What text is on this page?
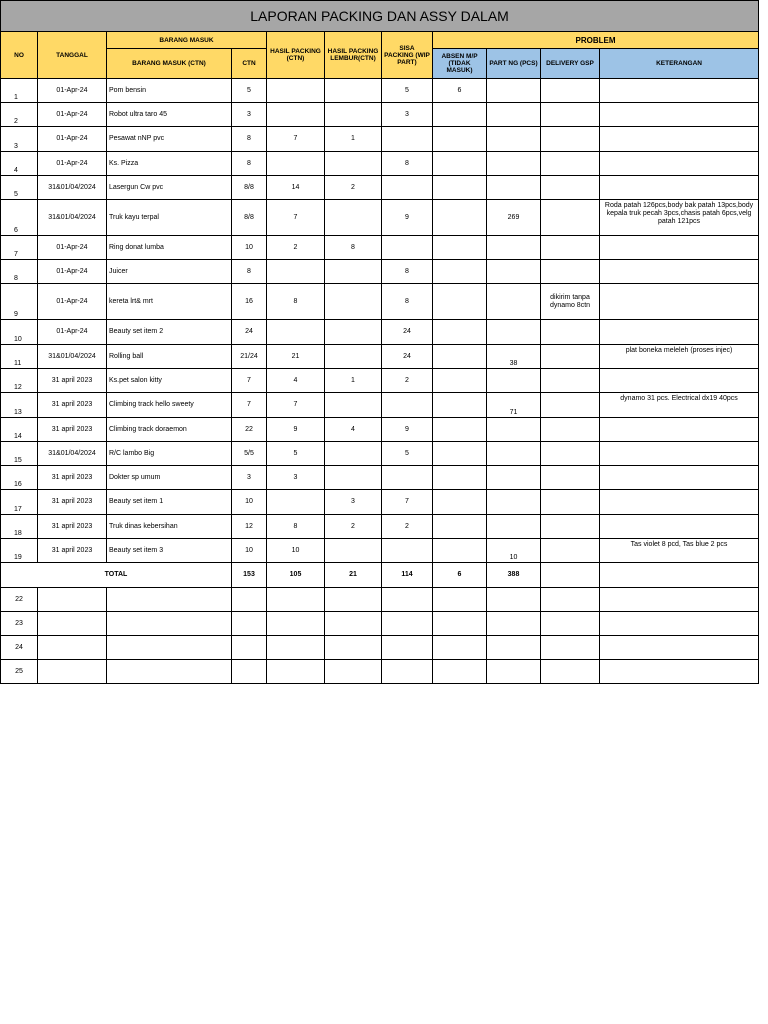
LAPORAN PACKING DAN ASSY DALAM										
NO	TANGGAL	BARANG MASUK		HASIL PACKING (CTN)	HASIL PACKING LEMBUR(CTN)	SISA PACKING (WIP PART)	PROBLEM			
		BARANG MASUK (CTN)	CTN				ABSEN M/P (TIDAK MASUK)	PART NG (PCS)	DELIVERY GSP	KETERANGAN
1	01-Apr-24	Pom bensin	5			5	6			
2	01-Apr-24	Robot ultra taro 45	3			3				
3	01-Apr-24	Pesawat nNP pvc	8	7	1					
4	01-Apr-24	Ks. Pizza	8			8				
5	31&01/04/2024	Lasergun Cw pvc	8/8	14	2					
6	31&01/04/2024	Truk kayu terpal	8/8	7		9		269		Roda patah 126pcs,body bak patah 13pcs,body kepala truk pecah 3pcs,chasis patah 6pcs,velg patah 121pcs
7	01-Apr-24	Ring donat lumba	10	2	8					
8	01-Apr-24	Juicer	8			8				
9	01-Apr-24	kereta lrt& mrt	16	8		8			dikirim tanpa dynamo 8ctn	
10	01-Apr-24	Beauty set item 2	24			24				
11	31&01/04/2024	Rolling ball	21/24	21		24		38		plat boneka meleleh (proses injec)
12	31 april 2023	Ks.pet salon kitty	7	4	1	2				
13	31 april 2023	Climbing track hello sweety	7	7				71		dynamo 31 pcs. Electrical dx19 40pcs
14	31 april 2023	Climbing track doraemon	22	9	4	9				
15	31&01/04/2024	R/C lambo Big	5/5	5		5				
16	31 april 2023	Dokter sp umum	3	3						
17	31 april 2023	Beauty set item 1	10		3	7				
18	31 april 2023	Truk dinas kebersihan	12	8	2	2				
19	31 april 2023	Beauty set item 3	10	10				10		Tas violet 8 pcd, Tas blue 2 pcs
TOTAL			153	105	21	114	6	388		
22										
23										
24										
25										
